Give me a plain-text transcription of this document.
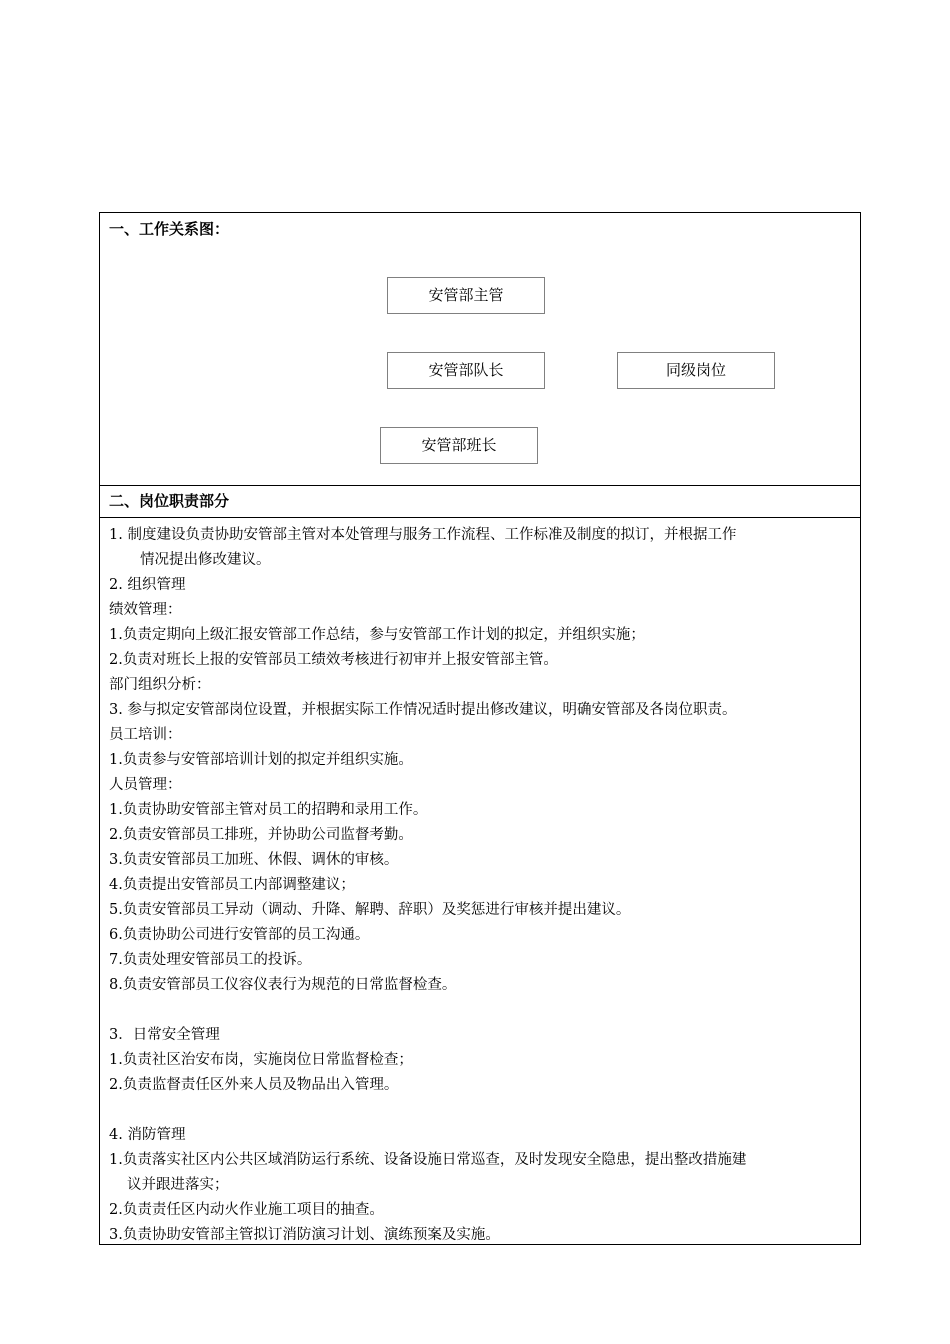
一、工作关系图：
安管部主管
安管部队长	同级岗位
安管部班长
二、岗位职责部分
1. 制度建设负责协助安管部主管对本处管理与服务工作流程、工作标准及制度的拟订，并根据工作
情况提出修改建议。
2. 组织管理
绩效管理：
1.负责定期向上级汇报安管部工作总结，参与安管部工作计划的拟定，并组织实施；
2.负责对班长上报的安管部员工绩效考核进行初审并上报安管部主管。
部门组织分析：
3. 参与拟定安管部岗位设置，并根据实际工作情况适时提出修改建议，明确安管部及各岗位职责。
员工培训：
1.负责参与安管部培训计划的拟定并组织实施。
人员管理：
1.负责协助安管部主管对员工的招聘和录用工作。
2.负责安管部员工排班，并协助公司监督考勤。
3.负责安管部员工加班、休假、调休的审核。
4.负责提出安管部员工内部调整建议；
5.负责安管部员工异动（调动、升降、解聘、辞职）及奖惩进行审核并提出建议。
6.负责协助公司进行安管部的员工沟通。
7.负责处理安管部员工的投诉。
8.负责安管部员工仪容仪表行为规范的日常监督检查。
3．日常安全管理
1.负责社区治安布岗，实施岗位日常监督检查；
2.负责监督责任区外来人员及物品出入管理。
4. 消防管理
1.负责落实社区内公共区域消防运行系统、设备设施日常巡查，及时发现安全隐患，提出整改措施建
议并跟进落实；
2.负责责任区内动火作业施工项目的抽查。
3.负责协助安管部主管拟订消防演习计划、演练预案及实施。
